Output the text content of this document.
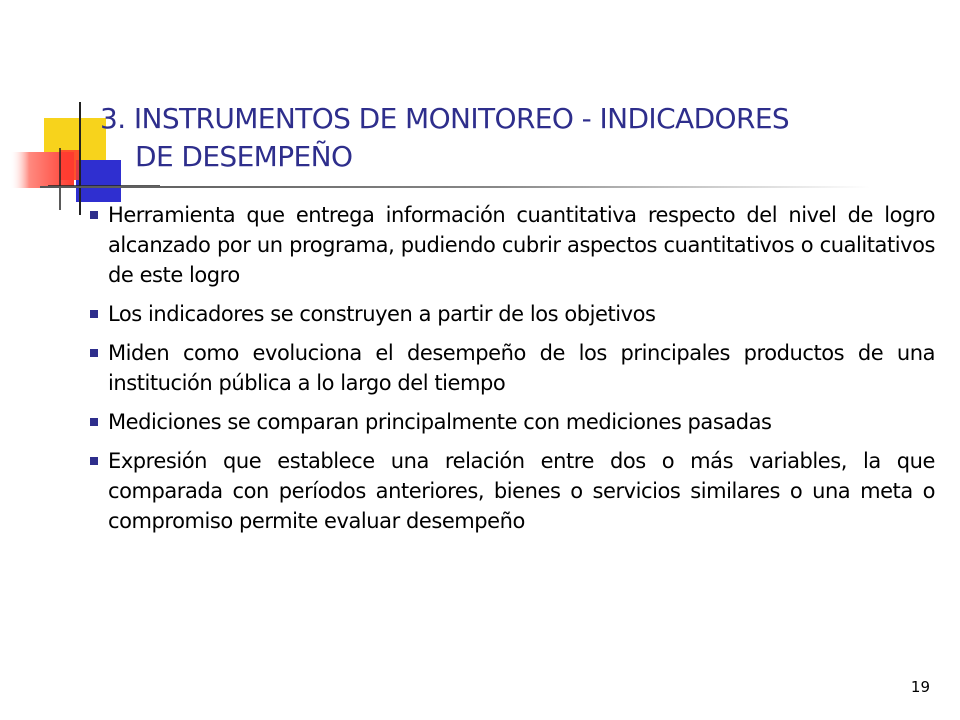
3. INSTRUMENTOS DE MONITOREO - INDICADORES
DE DESEMPEÑO
Herramienta que entrega información cuantitativa respecto del nivel de logro alcanzado por un programa, pudiendo cubrir aspectos cuantitativos o cualitativos de este logro
Los indicadores se construyen a partir de los objetivos
Miden como evoluciona el desempeño de los principales productos de una institución pública a lo largo del tiempo
Mediciones se comparan principalmente con mediciones pasadas
Expresión que establece una relación entre dos o más variables, la que comparada con períodos anteriores, bienes o servicios similares o una meta o compromiso permite evaluar desempeño
19
